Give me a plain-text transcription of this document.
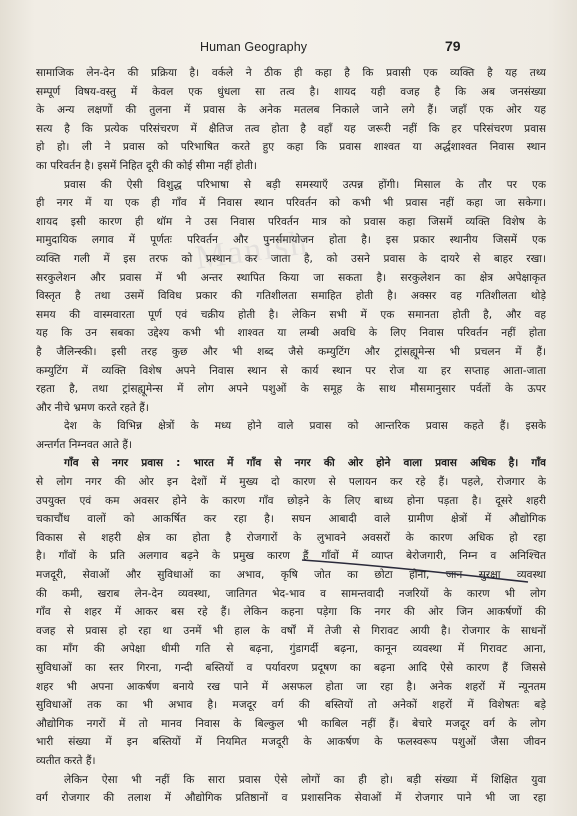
Human Geography	79
Manish
सामाजिक लेन-देन की प्रक्रिया है। वर्कले ने ठीक ही कहा है कि प्रवासी एक व्यक्ति है यह तथ्य
सम्पूर्ण विषय-वस्तु में केवल एक धुंधला सा तत्व है। शायद यही वजह है कि अब जनसंख्या
के अन्य लक्षणों की तुलना में प्रवास के अनेक मतलब निकाले जाने लगे हैं। जहाँ एक ओर यह
सत्य है कि प्रत्येक परिसंचरण में क्षैतिज तत्व होता है वहाँ यह जरूरी नहीं कि हर परिसंचरण प्रवास
हो हो। ली ने प्रवास को परिभाषित करते हुए कहा कि प्रवास शाश्वत या अर्द्धशाश्वत निवास स्थान
का परिवर्तन है। इसमें निहित दूरी की कोई सीमा नहीं होती।
प्रवास की ऐसी विशुद्ध परिभाषा से बड़ी समस्याएँ उत्पन्न होंगी। मिसाल के तौर पर एक
ही नगर में या एक ही गाँव में निवास स्थान परिवर्तन को कभी भी प्रवास नहीं कहा जा सकेगा।
शायद इसी कारण ही थॉम ने उस निवास परिवर्तन मात्र को प्रवास कहा जिसमें व्यक्ति विशेष के
मामुदायिक लगाव में पूर्णतः परिवर्तन और पुनर्समायोजन होता है। इस प्रकार स्थानीय जिसमें एक
व्यक्ति गली में इस तरफ को प्रस्थान कर जाता है, को उसने प्रवास के दायरे से बाहर रखा।
सरकुलेशन और प्रवास में भी अन्तर स्थापित किया जा सकता है। सरकुलेशन का क्षेत्र अपेक्षाकृत
विस्तृत है तथा उसमें विविध प्रकार की गतिशीलता समाहित होती है। अक्सर वह गतिशीलता थोड़े
समय की वास्मवारता पूर्ण एवं चक्रीय होती है। लेकिन सभी में एक समानता होती है, और वह
यह कि उन सबका उद्देश्य कभी भी शाश्वत या लम्बी अवधि के लिए निवास परिवर्तन नहीं होता
है जैलिन्स्की। इसी तरह कुछ और भी शब्द जैसे कम्युटिंग और ट्रांसह्यूमेन्स भी प्रचलन में हैं।
कम्युटिंग में व्यक्ति विशेष अपने निवास स्थान से कार्य स्थान पर रोज या हर सप्ताह आता-जाता
रहता है, तथा ट्रांसह्यूमेन्स में लोग अपने पशुओं के समूह के साथ मौसमानुसार पर्वतों के ऊपर
और नीचे भ्रमण करते रहते हैं।
देश के विभिन्न क्षेत्रों के मध्य होने वाले प्रवास को आन्तरिक प्रवास कहते हैं। इसके
अन्तर्गत निम्नवत आते हैं।
गाँव से नगर प्रवास : भारत में गाँव से नगर की ओर होने वाला प्रवास अधिक है। गाँव
से लोग नगर की ओर इन देशों में मुख्य दो कारण से पलायन कर रहे हैं। पहले, रोजगार के
उपयुक्त एवं कम अवसर होने के कारण गाँव छोड़ने के लिए बाध्य होना पड़ता है। दूसरे शहरी
चकाचौंध वालों को आकर्षित कर रहा है। सघन आबादी वाले ग्रामीण क्षेत्रों में औद्योगिक
विकास से शहरी क्षेत्र का होता है रोजगारों के लुभावने अवसरों के कारण अधिक हो रहा
है। गाँवों के प्रति अलगाव बढ़ने के प्रमुख कारण हैं गाँवों में व्याप्त बेरोजगारी, निम्न व अनिश्चित
मजदूरी, सेवाओं और सुविधाओं का अभाव, कृषि जोत का छोटा होना, जान सुरक्षा व्यवस्था
की कमी, खराब लेन-देन व्यवस्था, जातिगत भेद-भाव व सामन्तवादी नजरियों के कारण भी लोग
गाँव से शहर में आकर बस रहे हैं। लेकिन कहना पड़ेगा कि नगर की ओर जिन आकर्षणों की
वजह से प्रवास हो रहा था उनमें भी हाल के वर्षों में तेजी से गिरावट आयी है। रोजगार के साधनों
का माँग की अपेक्षा धीमी गति से बढ़ना, गुंडागर्दी बढ़ना, कानून व्यवस्था में गिरावट आना,
सुविधाओं का स्तर गिरना, गन्दी बस्तियों व पर्यावरण प्रदूषण का बढ़ना आदि ऐसे कारण हैं जिससे
शहर भी अपना आकर्षण बनाये रख पाने में असफल होता जा रहा है। अनेक शहरों में न्यूनतम
सुविधाओं तक का भी अभाव है। मजदूर वर्ग की बस्तियों तो अनेकों शहरों में विशेषतः बड़े
औद्योगिक नगरों में तो मानव निवास के बिल्कुल भी काबिल नहीं हैं। बेचारे मजदूर वर्ग के लोग
भारी संख्या में इन बस्तियों में नियमित मजदूरी के आकर्षण के फलस्वरूप पशुओं जैसा जीवन
व्यतीत करते हैं।
लेकिन ऐसा भी नहीं कि सारा प्रवास ऐसे लोगों का ही हो। बड़ी संख्या में शिक्षित युवा
वर्ग रोजगार की तलाश में औद्योगिक प्रतिष्ठानों व प्रशासनिक सेवाओं में रोजगार पाने भी जा रहा
